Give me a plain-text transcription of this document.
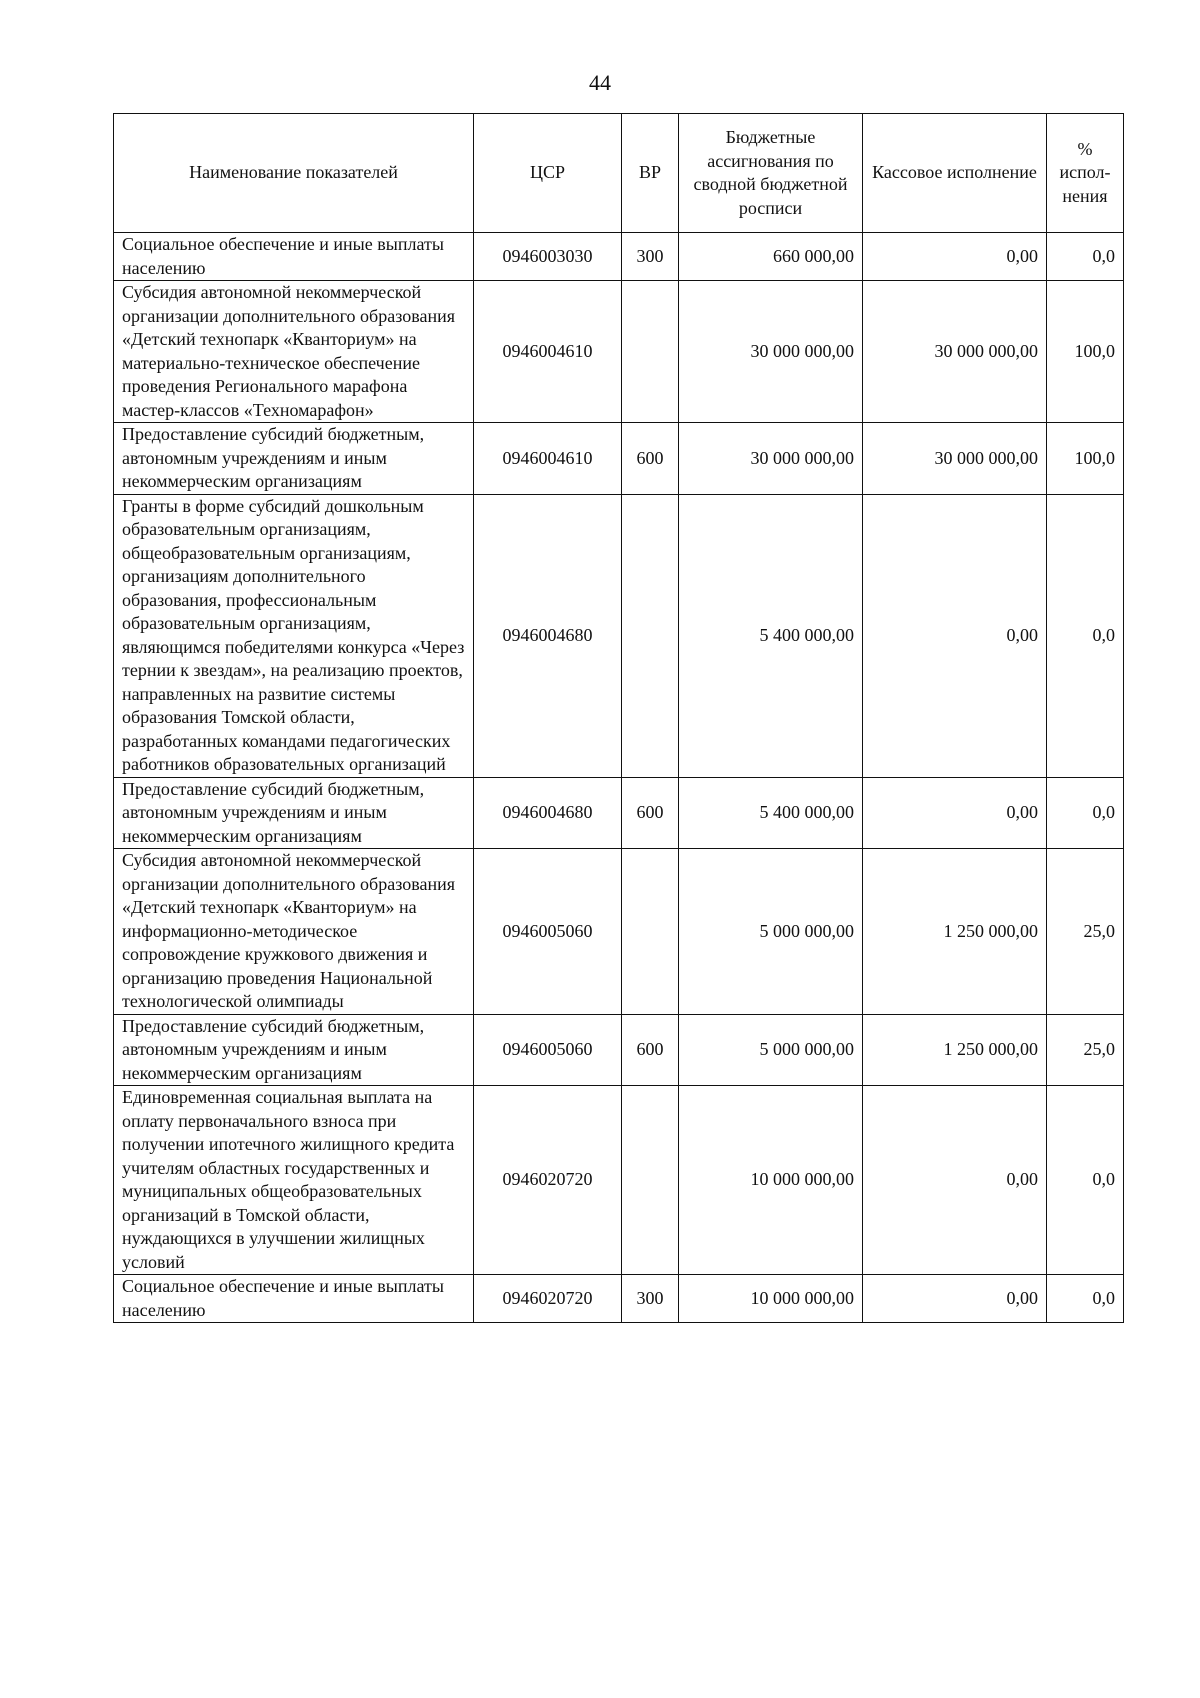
44
Наименование показателей	ЦСР	ВР	Бюджетные ассигнования по сводной бюджетной росписи	Кассовое исполнение	% испол-нения
Социальное обеспечение и иные выплаты населению	0946003030	300	660 000,00	0,00	0,0
Субсидия автономной некоммерческой организации дополнительного образования «Детский технопарк «Кванториум» на материально-техническое обеспечение проведения Регионального марафона мастер-классов «Техномарафон»	0946004610		30 000 000,00	30 000 000,00	100,0
Предоставление субсидий бюджетным, автономным учреждениям и иным некоммерческим организациям	0946004610	600	30 000 000,00	30 000 000,00	100,0
Гранты в форме субсидий дошкольным образовательным организациям, общеобразовательным организациям, организациям дополнительного образования, профессиональным образовательным организациям, являющимся победителями конкурса «Через тернии к звездам», на реализацию проектов, направленных на развитие системы образования Томской области, разработанных командами педагогических работников образовательных организаций	0946004680		5 400 000,00	0,00	0,0
Предоставление субсидий бюджетным, автономным учреждениям и иным некоммерческим организациям	0946004680	600	5 400 000,00	0,00	0,0
Субсидия автономной некоммерческой организации дополнительного образования «Детский технопарк «Кванториум» на информационно-методическое сопровождение кружкового движения и организацию проведения Национальной технологической олимпиады	0946005060		5 000 000,00	1 250 000,00	25,0
Предоставление субсидий бюджетным, автономным учреждениям и иным некоммерческим организациям	0946005060	600	5 000 000,00	1 250 000,00	25,0
Единовременная социальная выплата на оплату первоначального взноса при получении ипотечного жилищного кредита учителям областных государственных и муниципальных общеобразовательных организаций в Томской области, нуждающихся в улучшении жилищных условий	0946020720		10 000 000,00	0,00	0,0
Социальное обеспечение и иные выплаты населению	0946020720	300	10 000 000,00	0,00	0,0
